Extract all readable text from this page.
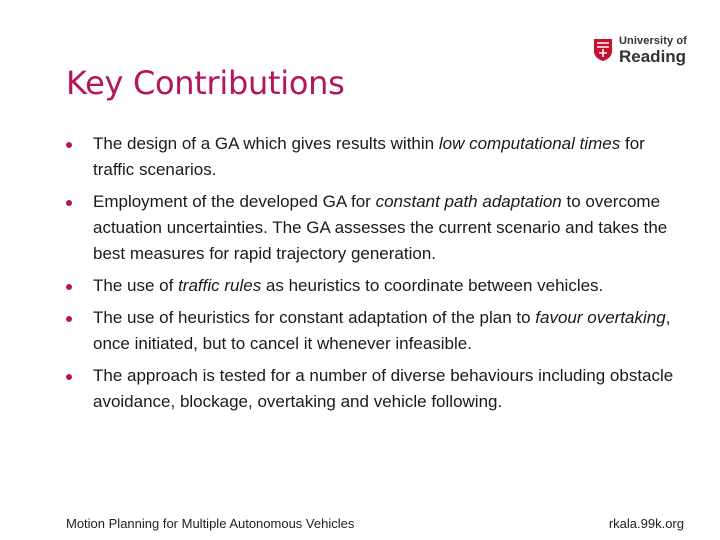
University of
Reading
Key Contributions
The design of a GA which gives results within low computational times for traffic scenarios.
Employment of the developed GA for constant path adaptation to overcome actuation uncertainties. The GA assesses the current scenario and takes the best measures for rapid trajectory generation.
The use of traffic rules as heuristics to coordinate between vehicles.
The use of heuristics for constant adaptation of the plan to favour overtaking, once initiated, but to cancel it whenever infeasible.
The approach is tested for a number of diverse behaviours including obstacle avoidance, blockage, overtaking and vehicle following.
Motion Planning for Multiple Autonomous Vehicles	rkala.99k.org
